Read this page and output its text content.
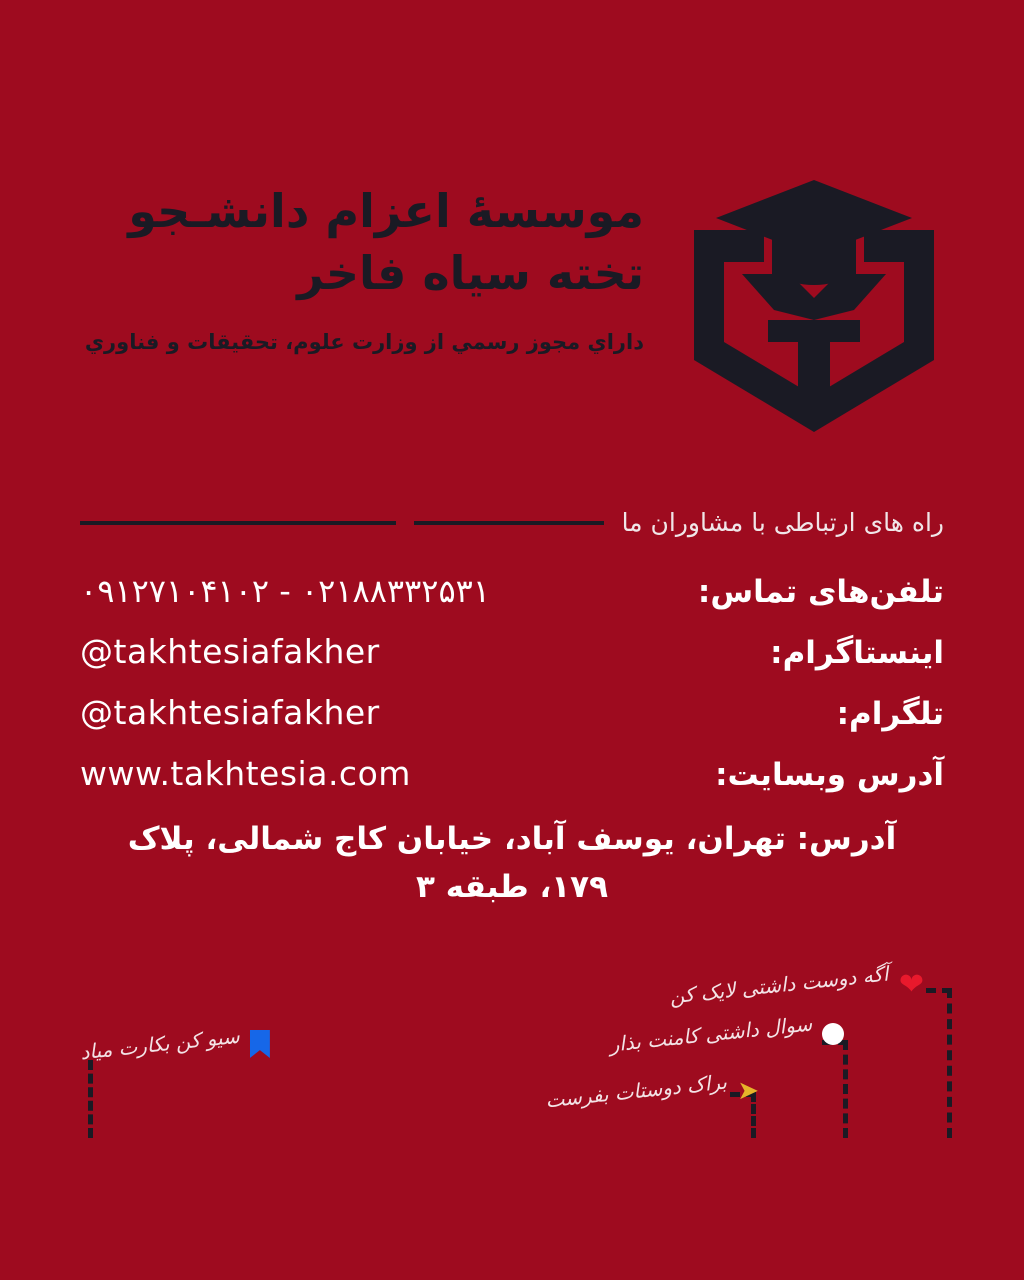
موسسهٔ اعزام دانشـجو
تخته سیاه فاخر
داراي مجوز رسمي از وزارت علوم، تحقيقات و فناوري
راه های ارتباطی با مشاوران ما
تلفن‌های تماس:
۰۲۱۸۸۳۳۲۵۳۱ - ۰۹۱۲۷۱۰۴۱۰۲
اینستاگرام:
@takhtesiafakher
تلگرام:
@takhtesiafakher
آدرس وبسایت:
www.takhtesia.com
آدرس: تهران، یوسف آباد، خیابان کاج شمالی، پلاک ۱۷۹، طبقه ۳
❤
آگه دوست داشتی لایک کن
سوال داشتی کامنت بذار
➤
براک دوستات بفرست
سیو کن بکارت میاد
